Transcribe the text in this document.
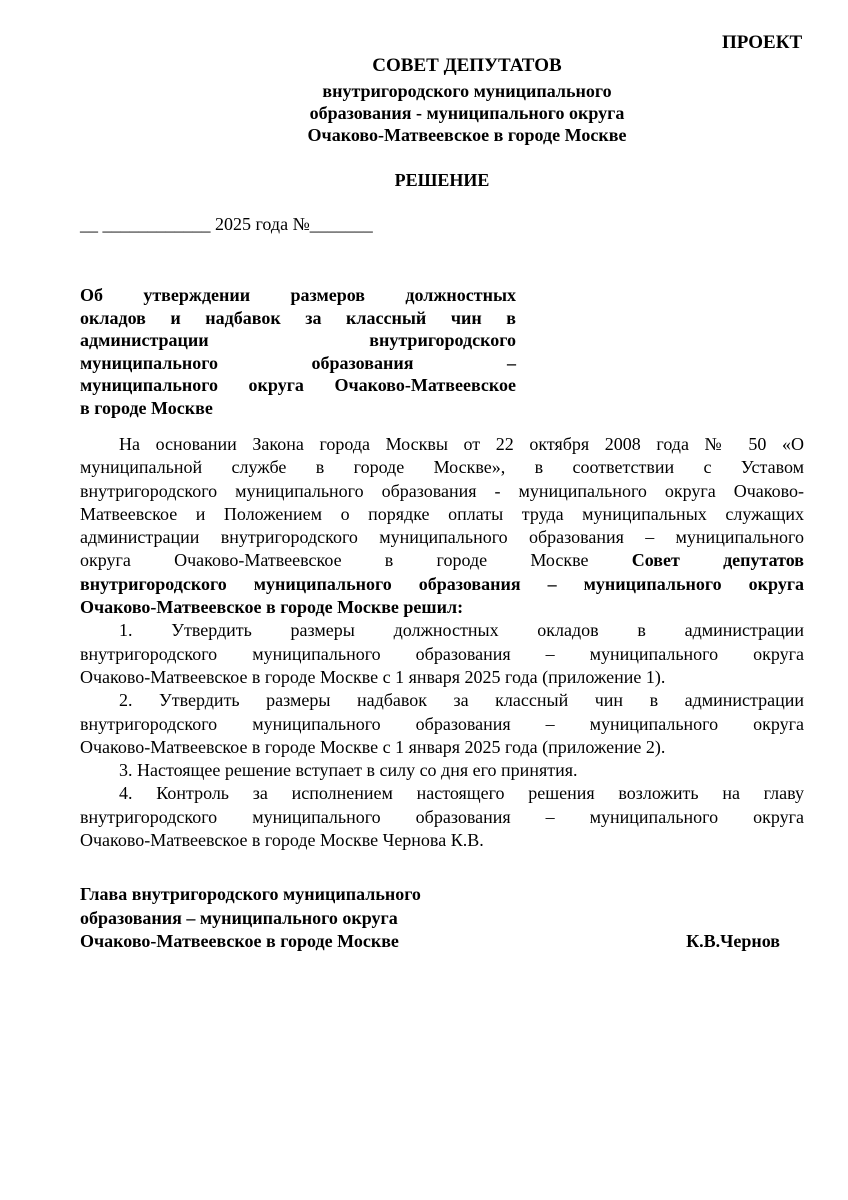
ПРОЕКТ

СОВЕТ ДЕПУТАТОВ

внутригородского муниципального

образования - муниципального округа

Очаково-Матвеевское в городе Москве

РЕШЕНИЕ

__ ____________ 2025 года №_______

Об утверждении размеров должностных
окладов и надбавок за классный чин в
администрации внутригородского
муниципального образования –
муниципального округа Очаково-Матвеевское
в городе Москве
На основании Закона города Москвы от 22 октября 2008 года № 50 «О
муниципальной службе в городе Москве», в соответствии с Уставом
внутригородского муниципального образования - муниципального округа Очаково-
Матвеевское и Положением о порядке оплаты труда муниципальных служащих
администрации внутригородского муниципального образования – муниципального
округа Очаково-Матвеевское в городе Москве Совет депутатов
внутригородского муниципального образования – муниципального округа
Очаково-Матвеевское в городе Москве решил:
1. Утвердить размеры должностных окладов в администрации
внутригородского муниципального образования – муниципального округа
Очаково-Матвеевское в городе Москве с 1 января 2025 года (приложение 1).
2. Утвердить размеры надбавок за классный чин в администрации
внутригородского муниципального образования – муниципального округа
Очаково-Матвеевское в городе Москве с 1 января 2025 года (приложение 2).
3. Настоящее решение вступает в силу со дня его принятия.
4. Контроль за исполнением настоящего решения возложить на главу
внутригородского муниципального образования – муниципального округа
Очаково-Матвеевское в городе Москве Чернова К.В.
Глава внутригородского муниципального
образования – муниципального округа
Очаково-Матвеевское в городе Москве	К.В.Чернов
